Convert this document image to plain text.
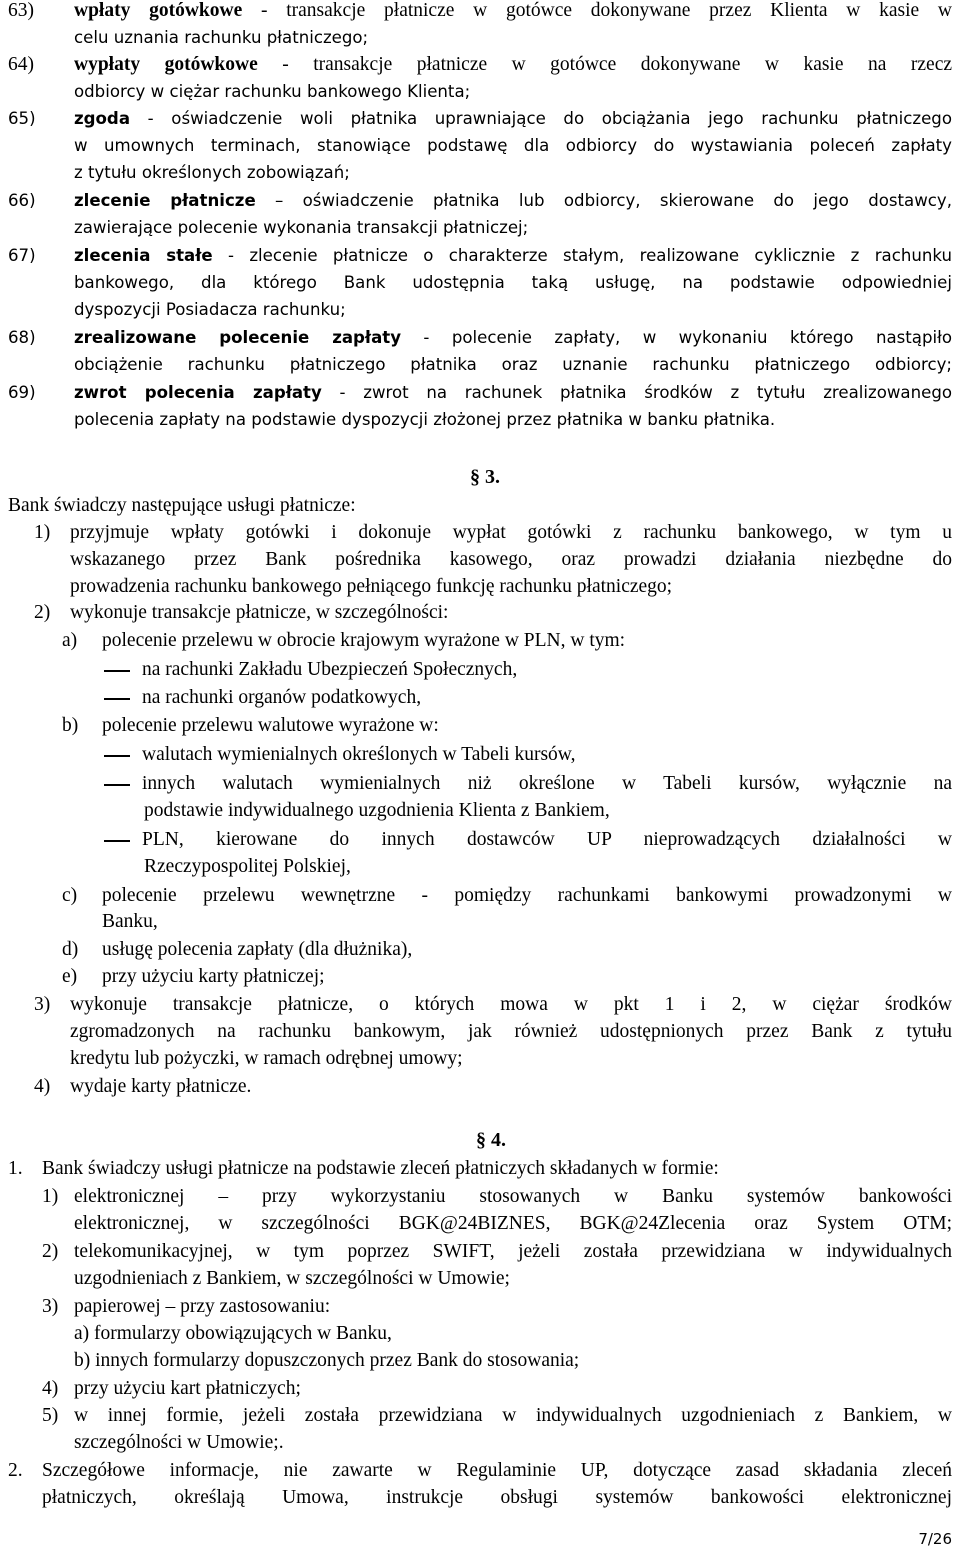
63) wpłaty gotówkowe - transakcje płatnicze w gotówce dokonywane przez Klienta w kasie w
celu uznania rachunku płatniczego;
64) wypłaty gotówkowe - transakcje płatnicze w gotówce dokonywane w kasie na rzecz
odbiorcy w ciężar rachunku bankowego Klienta;
65) zgoda - oświadczenie woli płatnika uprawniające do obciążania jego rachunku płatniczego
w umownych terminach, stanowiące podstawę dla odbiorcy do wystawiania poleceń zapłaty
z tytułu określonych zobowiązań;
66) zlecenie płatnicze – oświadczenie płatnika lub odbiorcy, skierowane do jego dostawcy,
zawierające polecenie wykonania transakcji płatniczej;
67) zlecenia stałe - zlecenie płatnicze o charakterze stałym, realizowane cyklicznie z rachunku
bankowego, dla którego Bank udostępnia taką usługę, na podstawie odpowiedniej
dyspozycji Posiadacza rachunku;
68) zrealizowane polecenie zapłaty - polecenie zapłaty, w wykonaniu którego nastąpiło
obciążenie rachunku płatniczego płatnika oraz uznanie rachunku płatniczego odbiorcy;
69) zwrot polecenia zapłaty - zwrot na rachunek płatnika środków z tytułu zrealizowanego
polecenia zapłaty na podstawie dyspozycji złożonej przez płatnika w banku płatnika.
§ 3.
Bank świadczy następujące usługi płatnicze:
1) przyjmuje wpłaty gotówki i dokonuje wypłat gotówki z rachunku bankowego, w tym u
wskazanego przez Bank pośrednika kasowego, oraz prowadzi działania niezbędne do
prowadzenia rachunku bankowego pełniącego funkcję rachunku płatniczego;
2) wykonuje transakcje płatnicze, w szczególności:
a) polecenie przelewu w obrocie krajowym wyrażone w PLN, w tym:
na rachunki Zakładu Ubezpieczeń Społecznych,
na rachunki organów podatkowych,
b) polecenie przelewu walutowe wyrażone w:
walutach wymienialnych określonych w Tabeli kursów,
innych walutach wymienialnych niż określone w Tabeli kursów, wyłącznie na
podstawie indywidualnego uzgodnienia Klienta z Bankiem,
PLN, kierowane do innych dostawców UP nieprowadzących działalności w
Rzeczypospolitej Polskiej,
c) polecenie przelewu wewnętrzne - pomiędzy rachunkami bankowymi prowadzonymi w
Banku,
d) usługę polecenia zapłaty (dla dłużnika),
e) przy użyciu karty płatniczej;
3) wykonuje transakcje płatnicze, o których mowa w pkt 1 i 2, w ciężar środków
zgromadzonych na rachunku bankowym, jak również udostępnionych przez Bank z tytułu
kredytu lub pożyczki, w ramach odrębnej umowy;
4) wydaje karty płatnicze.
§ 4.
1. Bank świadczy usługi płatnicze na podstawie zleceń płatniczych składanych w formie:
1) elektronicznej – przy wykorzystaniu stosowanych w Banku systemów bankowości
elektronicznej, w szczególności BGK@24BIZNES, BGK@24Zlecenia oraz System OTM;
2) telekomunikacyjnej, w tym poprzez SWIFT, jeżeli została przewidziana w indywidualnych
uzgodnieniach z Bankiem, w szczególności w Umowie;
3) papierowej – przy zastosowaniu:
a) formularzy obowiązujących w Banku,
b) innych formularzy dopuszczonych przez Bank do stosowania;
4) przy użyciu kart płatniczych;
5) w innej formie, jeżeli została przewidziana w indywidualnych uzgodnieniach z Bankiem, w
szczególności w Umowie;.
2. Szczegółowe informacje, nie zawarte w Regulaminie UP, dotyczące zasad składania zleceń
płatniczych, określają Umowa, instrukcje obsługi systemów bankowości elektronicznej
7/26
